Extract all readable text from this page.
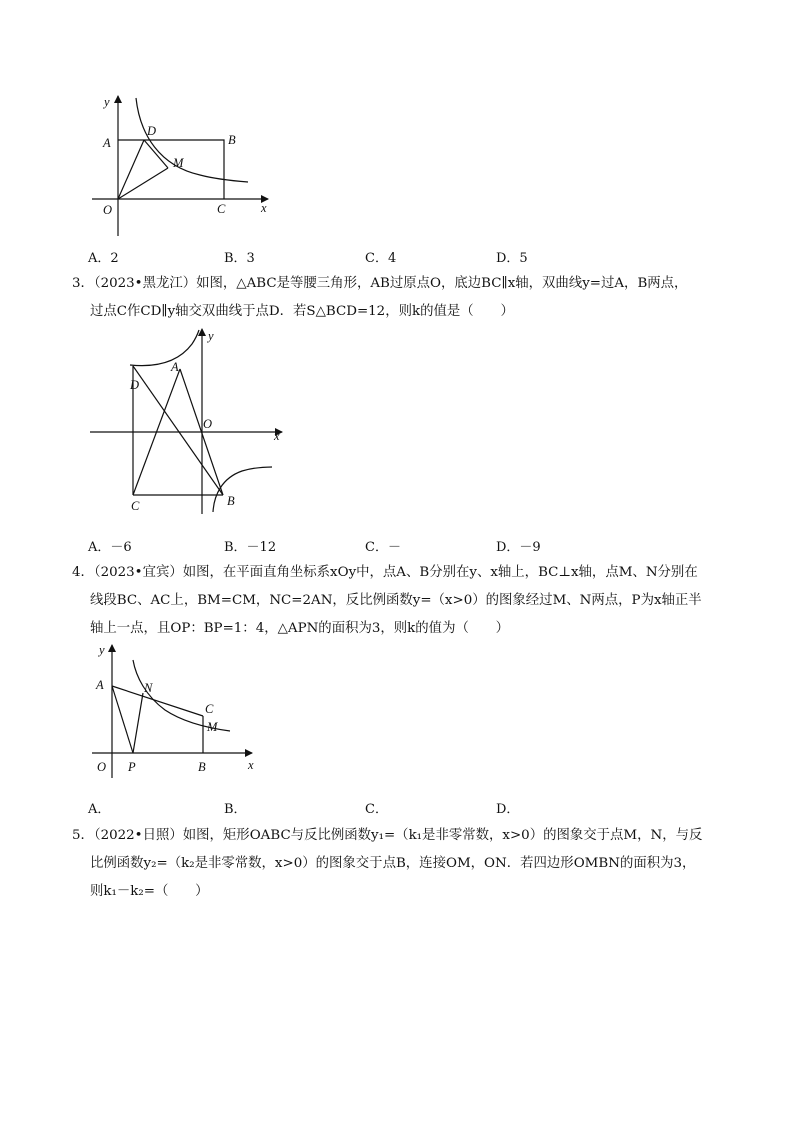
y
A
D
B
M
O	C	x
A．2	B．3	C．4	D．5

3．（2023•黑龙江）如图，△ABC是等腰三角形，AB过原点O，底边BC∥x轴，双曲线y=过A，B两点，

过点C作CD∥y轴交双曲线于点D．若S△BCD=12，则k的值是（　　）

y
A
D
O
x
C	B
A．－6	B．－12	C．－	D．－9

4．（2023•宜宾）如图，在平面直角坐标系xOy中，点A、B分别在y、x轴上，BC⊥x轴，点M、N分别在

线段BC、AC上，BM=CM，NC=2AN，反比例函数y=（x>0）的图象经过M、N两点，P为x轴正半

轴上一点，且OP：BP=1：4，△APN的面积为3，则k的值为（　　）

y
A	N
C
M
O P	B	x
A．	B．	C．	D．

5．（2022•日照）如图，矩形OABC与反比例函数y₁=（k₁是非零常数，x>0）的图象交于点M，N，与反

比例函数y₂=（k₂是非零常数，x>0）的图象交于点B，连接OM，ON．若四边形OMBN的面积为3，

则k₁－k₂=（　　）
